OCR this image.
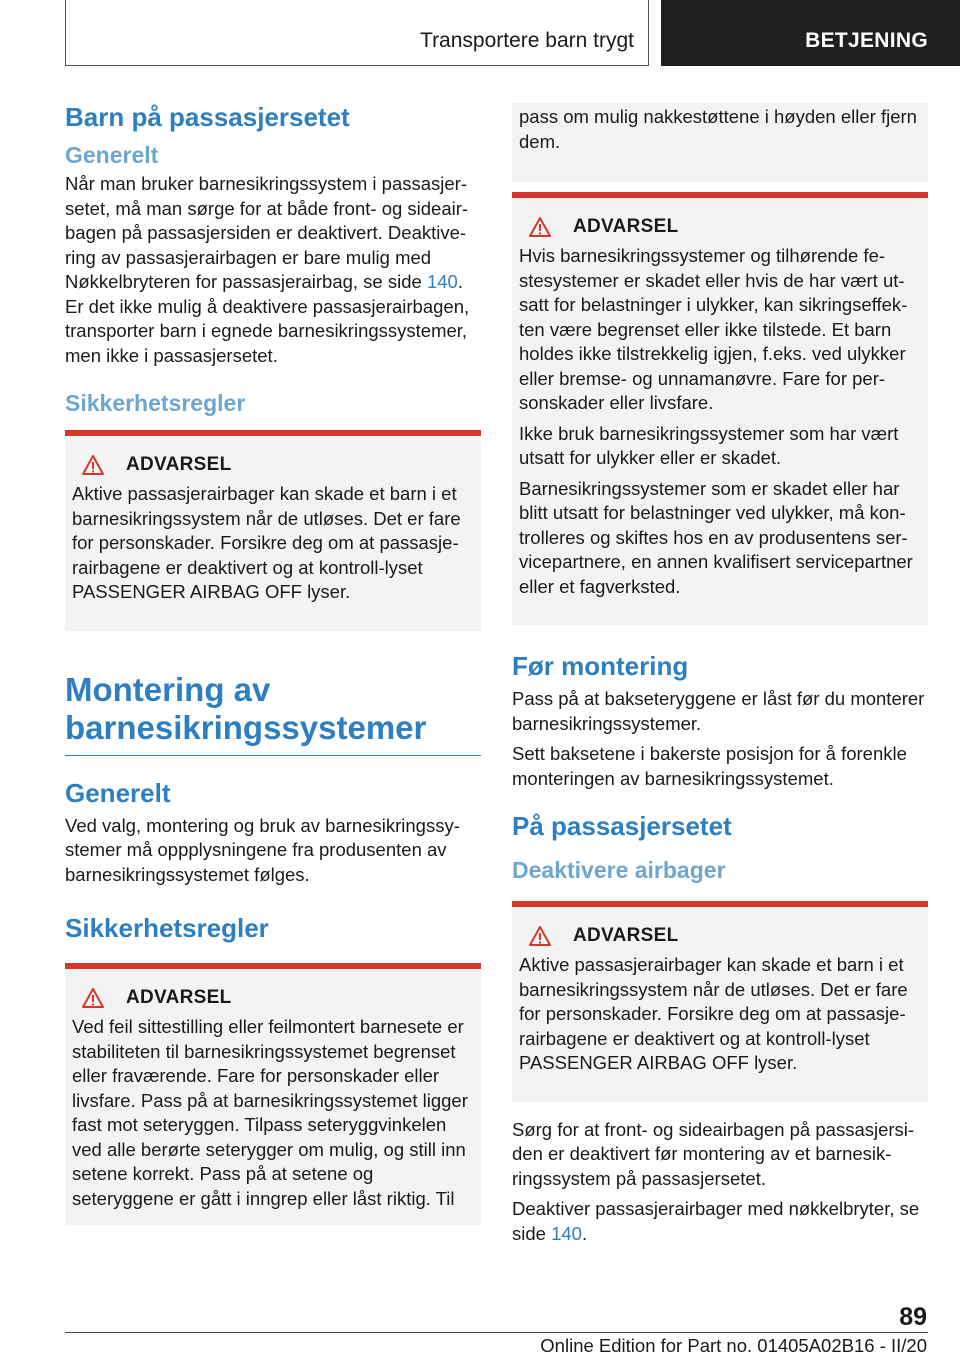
Transportere barn trygt	BETJENING
Barn på passasjersetet
Generelt

Når man bruker barnesikringssystem i passasjersetet, må man sørge for at både front- og sideairbagen på passasjersiden er deaktivert. Deaktivering av passasjerairbagen er bare mulig med Nøkkelbryteren for passasjerairbag, se side 140. Er det ikke mulig å deaktivere passasjerairbagen, transporter barn i egnede barnesikringssystemer, men ikke i passasjersetet.

Sikkerhetsregler
ADVARSEL

Aktive passasjerairbager kan skade et barn i et barnesikringssystem når de utløses. Det er fare for personskader. Forsikre deg om at passasjerairbagene er deaktivert og at kontroll-lyset PASSENGER AIRBAG OFF lyser.

Montering av
barnesikringssystemer
Generelt

Ved valg, montering og bruk av barnesikringssystemer må oppplysningene fra produsenten av barnesikringssystemet følges.

Sikkerhetsregler
ADVARSEL

Ved feil sittestilling eller feilmontert barnesete er stabiliteten til barnesikringssystemet begrenset eller fraværende. Fare for personskader eller livsfare. Pass på at barnesikringssystemet ligger fast mot seteryggen. Tilpass seteryggvinkelen ved alle berørte seterygger om mulig, og still inn setene korrekt. Pass på at setene og seteryggene er gått i inngrep eller låst riktig. Til

pass om mulig nakkestøttene i høyden eller fjern dem.

ADVARSEL

Hvis barnesikringssystemer og tilhørende festesystemer er skadet eller hvis de har vært utsatt for belastninger i ulykker, kan sikringseffekten være begrenset eller ikke tilstede. Et barn holdes ikke tilstrekkelig igjen, f.eks. ved ulykker eller bremse- og unnamanøvre. Fare for personskader eller livsfare.

Ikke bruk barnesikringssystemer som har vært utsatt for ulykker eller er skadet.

Barnesikringssystemer som er skadet eller har blitt utsatt for belastninger ved ulykker, må kontrolleres og skiftes hos en av produsentens servicepartnere, en annen kvalifisert servicepartner eller et fagverksted.

Før montering

Pass på at bakseteryggene er låst før du monterer barnesikringssystemer.

Sett baksetene i bakerste posisjon for å forenkle monteringen av barnesikringssystemet.

På passasjersetet
Deaktivere airbager
ADVARSEL

Aktive passasjerairbager kan skade et barn i et barnesikringssystem når de utløses. Det er fare for personskader. Forsikre deg om at passasjerairbagene er deaktivert og at kontroll-lyset PASSENGER AIRBAG OFF lyser.

Sørg for at front- og sideairbagen på passasjersiden er deaktivert før montering av et barnesikringssystem på passasjersetet.

Deaktiver passasjerairbager med nøkkelbryter, se side 140.

89
Online Edition for Part no. 01405A02B16 - II/20
